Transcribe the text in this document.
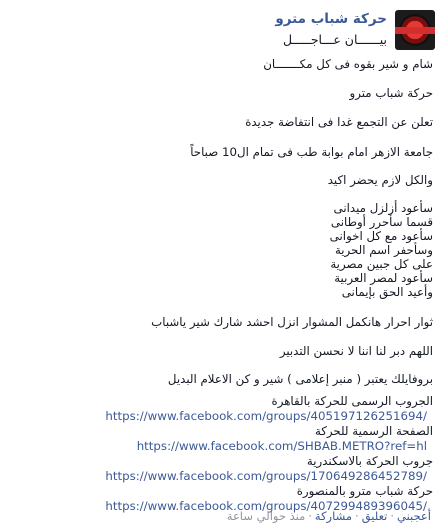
حركة شباب مترو
بيــــــان عـــاجـــــل
شام و شير بقوه فى كل مكـــــــان
حركة شباب مترو
تعلن عن التجمع غدا فى انتفاضة جديدة
جامعة الازهر امام بوابة طب فى تمام ال10 صباحاً
والكل لازم يحضر اكيد
سأعود أزلزل ميدانى
قسما سأحرر أوطانى
سأعود مع كل اخوانى
وسأحفر اسم الحرية
على كل جبين مصرية
سأعود لمصر العربية
وأعيد الحق بإيمانى
ثوار احرار هانكمل المشوار انزل احشد شارك شير ياشباب
اللهم دبر لنا اننا لا نحسن التدبير
بروفايلك يعتبر ( منبر إعلامى ) شير و كن الاعلام البديل
الجروب الرسمى للحركة بالقاهرة
https://www.facebook.com/groups/405197126251694/
الصفحة الرسمية للحركة
https://www.facebook.com/SHBAB.METRO?ref=hl
جروب الحركة بالاسكندرية
https://www.facebook.com/groups/170649286452789/
حركة شباب مترو بالمنصورة
https://www.facebook.com/groups/407299489396045/
أعجبني·تعليق·مشاركة·منذ حوالي ساعة
